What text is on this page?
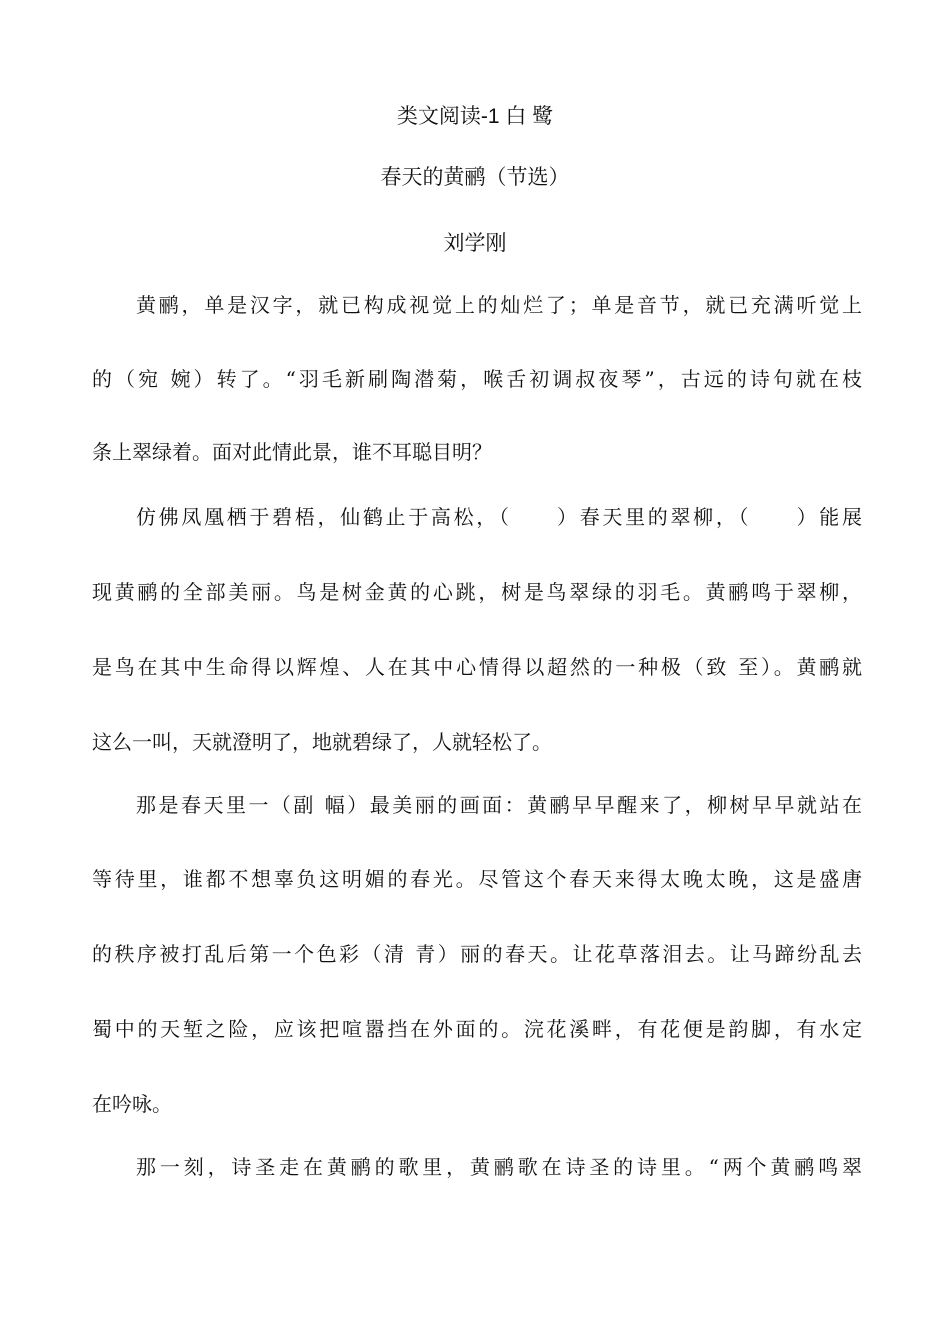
类文阅读-1 白 鹭
春天的黄鹂（节选）
刘学刚
黄鹂，单是汉字，就已构成视觉上的灿烂了；单是音节，就已充满听觉上
的（宛 婉）转了。“羽毛新刷陶潜菊，喉舌初调叔夜琴”，古远的诗句就在枝
条上翠绿着。面对此情此景，谁不耳聪目明？
仿佛凤凰栖于碧梧，仙鹤止于高松，（　　）春天里的翠柳，（　　）能展
现黄鹂的全部美丽。鸟是树金黄的心跳，树是鸟翠绿的羽毛。黄鹂鸣于翠柳，
是鸟在其中生命得以辉煌、人在其中心情得以超然的一种极（致 至）。黄鹂就
这么一叫，天就澄明了，地就碧绿了，人就轻松了。
那是春天里一（副 幅）最美丽的画面：黄鹂早早醒来了，柳树早早就站在
等待里，谁都不想辜负这明媚的春光。尽管这个春天来得太晚太晚，这是盛唐
的秩序被打乱后第一个色彩（清 青）丽的春天。让花草落泪去。让马蹄纷乱去
蜀中的天堑之险，应该把喧嚣挡在外面的。浣花溪畔，有花便是韵脚，有水定
在吟咏。
那一刻，诗圣走在黄鹂的歌里，黄鹂歌在诗圣的诗里。“两个黄鹂鸣翠
